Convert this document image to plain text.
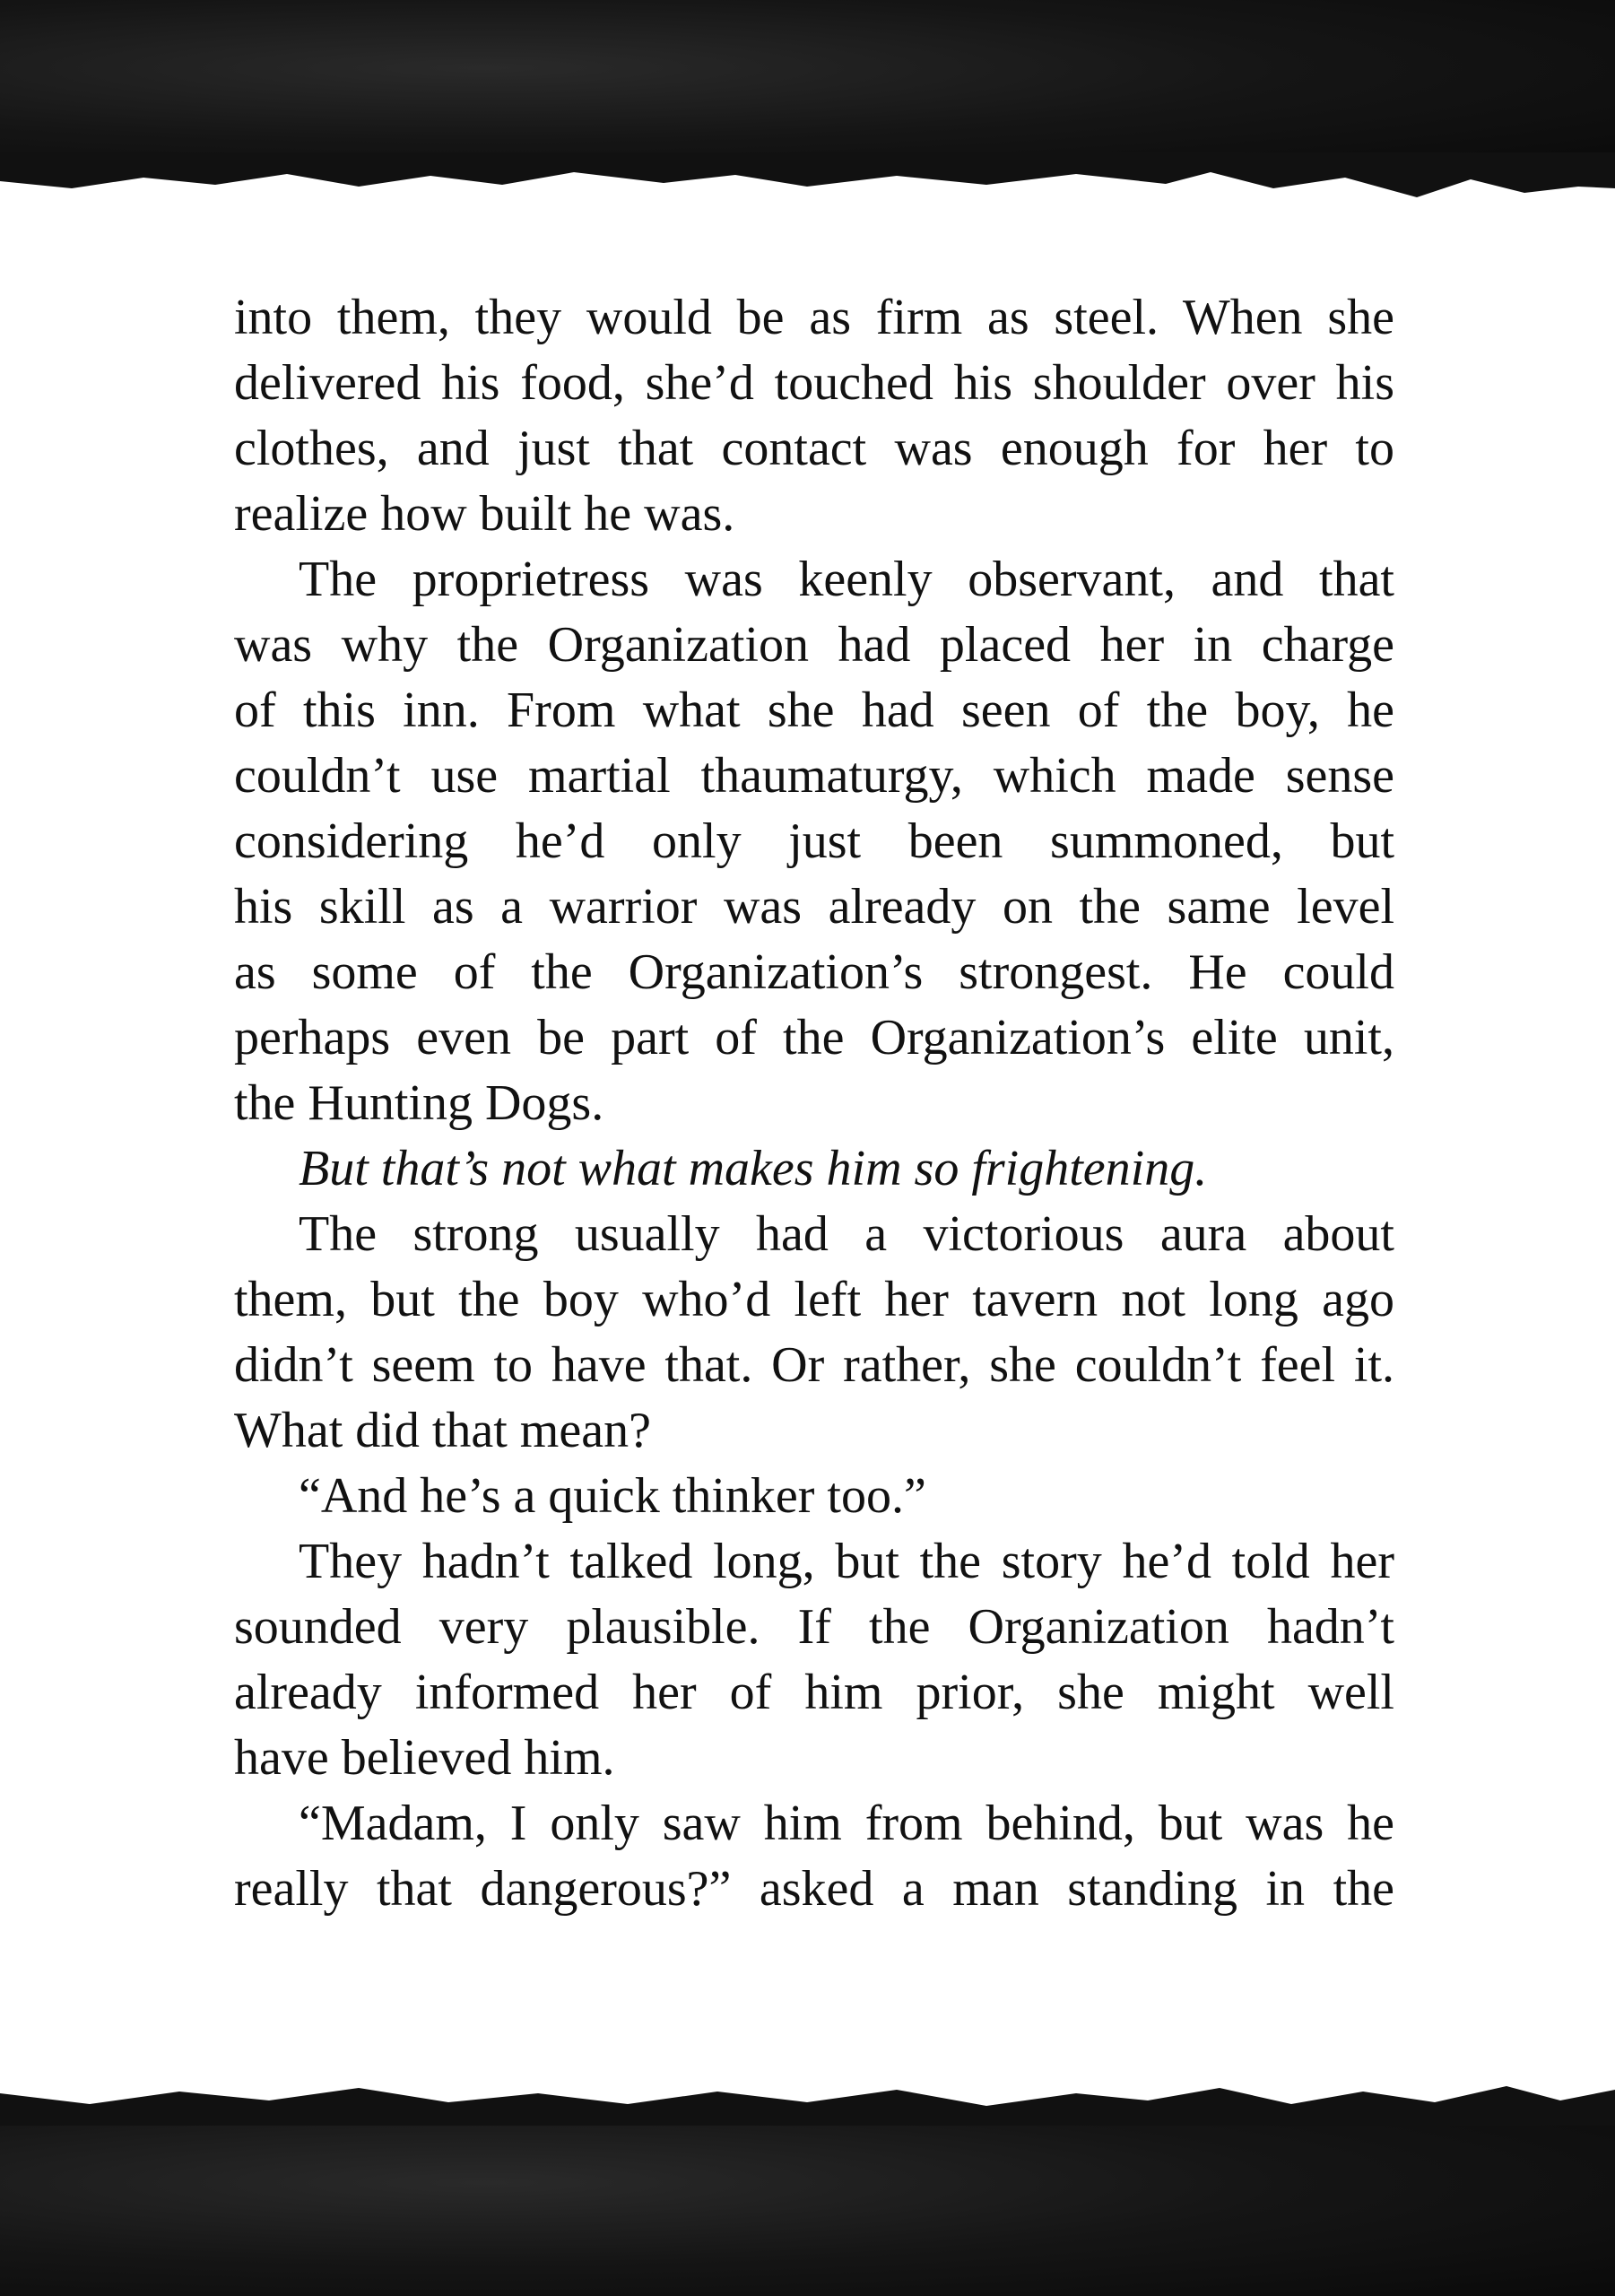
into them, they would be as firm as steel. When she
delivered his food, she’d touched his shoulder over his
clothes, and just that contact was enough for her to
realize how built he was.
The proprietress was keenly observant, and that
was why the Organization had placed her in charge
of this inn. From what she had seen of the boy, he
couldn’t use martial thaumaturgy, which made sense
considering he’d only just been summoned, but
his skill as a warrior was already on the same level
as some of the Organization’s strongest. He could
perhaps even be part of the Organization’s elite unit,
the Hunting Dogs.
But that’s not what makes him so frightening.
The strong usually had a victorious aura about
them, but the boy who’d left her tavern not long ago
didn’t seem to have that. Or rather, she couldn’t feel it.
What did that mean?
“And he’s a quick thinker too.”
They hadn’t talked long, but the story he’d told her
sounded very plausible. If the Organization hadn’t
already informed her of him prior, she might well
have believed him.
“Madam, I only saw him from behind, but was he
really that dangerous?” asked a man standing in the
